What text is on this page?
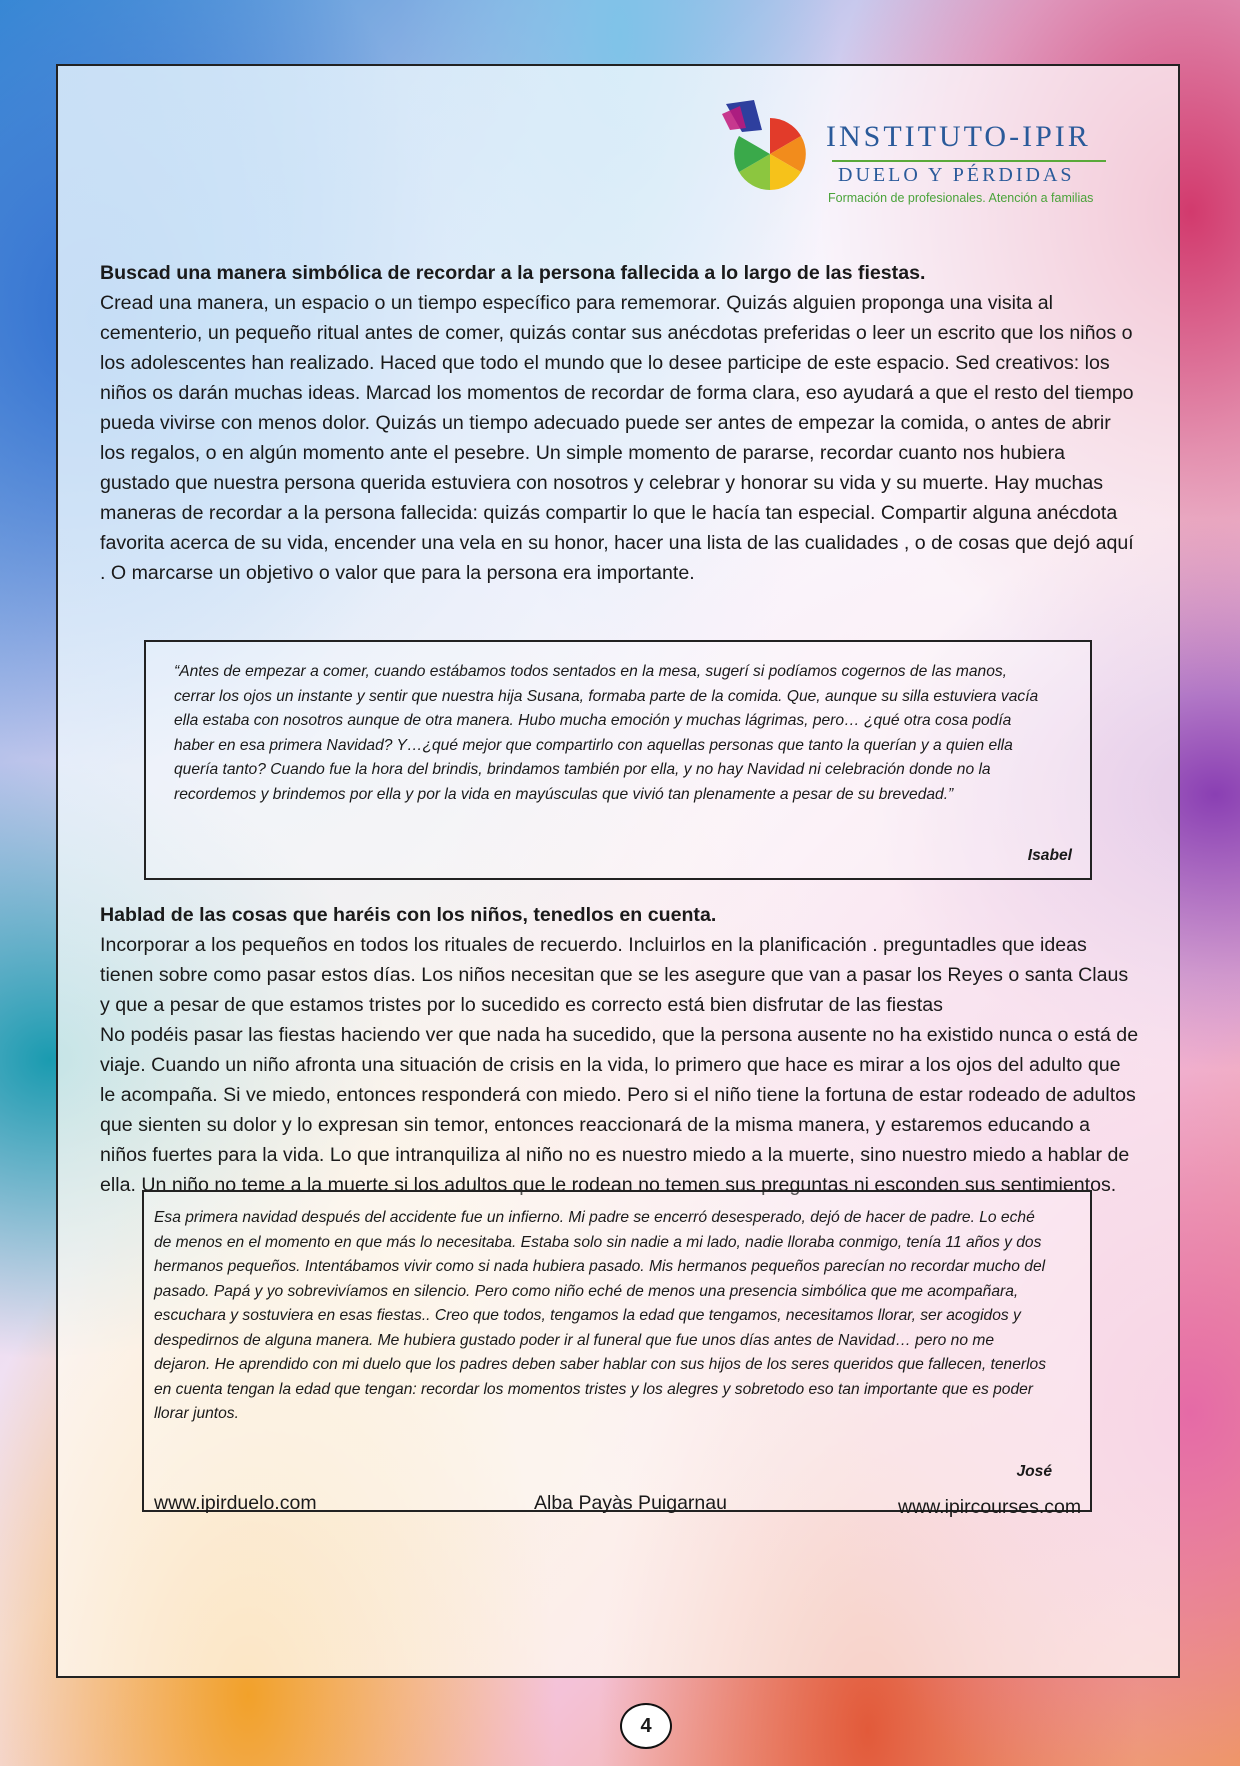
INSTITUTO-IPIR
DUELO Y PÉRDIDAS
Formación de profesionales. Atención a familias
Buscad una manera simbólica de recordar a la persona fallecida a lo largo de las fiestas.

Cread una manera, un espacio o un tiempo específico para rememorar. Quizás alguien proponga una visita al cementerio, un pequeño ritual antes de comer, quizás contar sus anécdotas preferidas o leer un escrito que los niños o los adolescentes han realizado. Haced que todo el mundo que lo desee participe de este espacio. Sed creativos: los niños os darán muchas ideas. Marcad los momentos de recordar de forma clara, eso ayudará a que el resto del tiempo pueda vivirse con menos dolor. Quizás un tiempo adecuado puede ser antes de empezar la comida, o antes de abrir los regalos, o en algún momento ante el pesebre. Un simple momento de pararse, recordar cuanto nos hubiera gustado que nuestra persona querida estuviera con nosotros y celebrar y honorar su vida y su muerte. Hay muchas maneras de recordar a la persona fallecida: quizás compartir lo que le hacía tan especial. Compartir alguna anécdota favorita acerca de su vida, encender una vela en su honor, hacer una lista de las cualidades , o de cosas que dejó aquí . O marcarse un objetivo o valor que para la persona era importante.

“Antes de empezar a comer, cuando estábamos todos sentados en la mesa, sugerí si podíamos cogernos de las manos, cerrar los ojos un instante y sentir que nuestra hija Susana, formaba parte de la comida. Que, aunque su silla estuviera vacía ella estaba con nosotros aunque de otra manera. Hubo mucha emoción y muchas lágrimas, pero… ¿qué otra cosa podía haber en esa primera Navidad? Y…¿qué mejor que compartirlo con aquellas personas que tanto la querían y a quien ella quería tanto? Cuando fue la hora del brindis, brindamos también por ella, y no hay Navidad ni celebración donde no la recordemos y brindemos por ella y por la vida en mayúsculas que vivió tan plenamente a pesar de su brevedad.”

Isabel
Hablad de las cosas que haréis con los niños, tenedlos en cuenta.

Incorporar a los pequeños en todos los rituales de recuerdo. Incluirlos en la planificación . preguntadles que ideas tienen sobre como pasar estos días. Los niños necesitan que se les asegure que van a pasar los Reyes o santa Claus y que a pesar de que estamos tristes por lo sucedido es correcto está bien disfrutar de las fiestas

No podéis pasar las fiestas haciendo ver que nada ha sucedido, que la persona ausente no ha existido nunca o está de viaje. Cuando un niño afronta una situación de crisis en la vida, lo primero que hace es mirar a los ojos del adulto que le acompaña. Si ve miedo, entonces responderá con miedo. Pero si el niño tiene la fortuna de estar rodeado de adultos que sienten su dolor y lo expresan sin temor, entonces reaccionará de la misma manera, y estaremos educando a niños fuertes para la vida. Lo que intranquiliza al niño no es nuestro miedo a la muerte, sino nuestro miedo a hablar de ella. Un niño no teme a la muerte si los adultos que le rodean no temen sus preguntas ni esconden sus sentimientos.

Esa primera navidad después del accidente fue un infierno. Mi padre se encerró desesperado, dejó de hacer de padre. Lo eché de menos en el momento en que más lo necesitaba. Estaba solo sin nadie a mi lado, nadie lloraba conmigo, tenía 11 años y dos hermanos pequeños. Intentábamos vivir como si nada hubiera pasado. Mis hermanos pequeños parecían no recordar mucho del pasado. Papá y yo sobrevivíamos en silencio. Pero como niño eché de menos una presencia simbólica que me acompañara, escuchara y sostuviera en esas fiestas.. Creo que todos, tengamos la edad que tengamos, necesitamos llorar, ser acogidos y despedirnos de alguna manera. Me hubiera gustado poder ir al funeral que fue unos días antes de Navidad… pero no me dejaron. He aprendido con mi duelo que los padres deben saber hablar con sus hijos de los seres queridos que fallecen, tenerlos en cuenta tengan la edad que tengan: recordar los momentos tristes y los alegres y sobretodo eso tan importante que es poder llorar juntos.

José
www.ipirduelo.com	Alba Payàs Puigarnau	www.ipircourses.com
4
